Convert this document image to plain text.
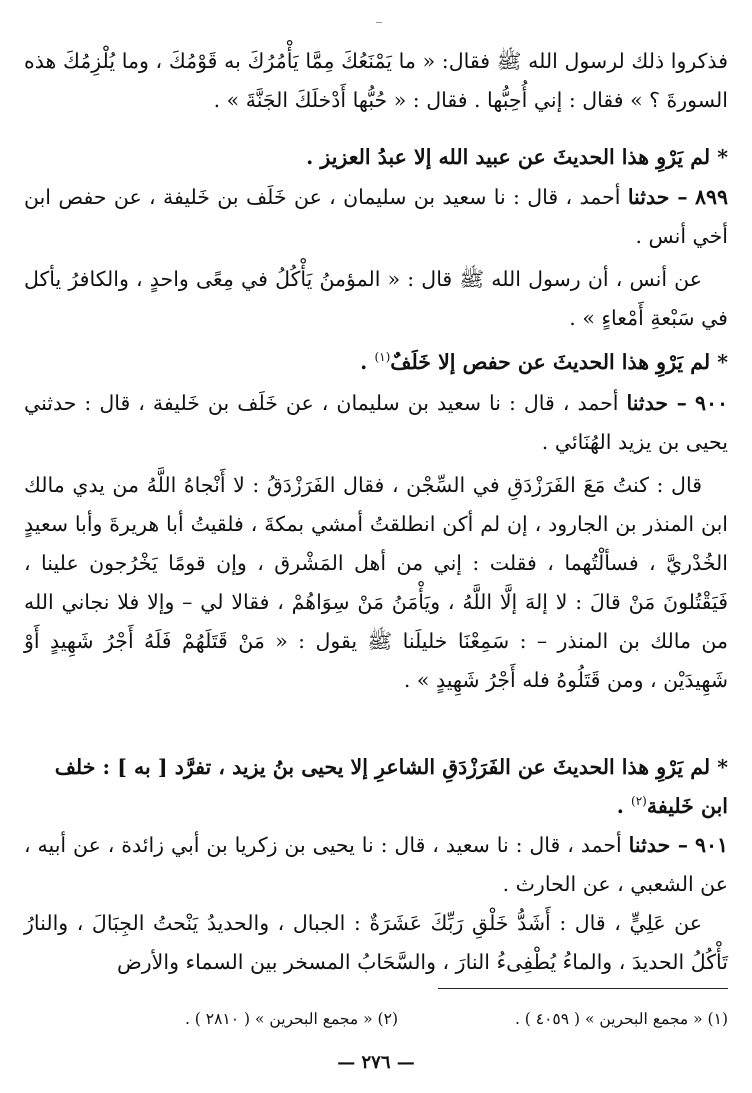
فذكروا ذلك لرسول الله ﷺ فقال: « ما يَمْنَعُكَ مِمَّا يَأْمُرُكَ به قَوْمُكَ ، وما يُلْزِمُكَ هذه السورةَ ؟ » فقال : إني أُحِبُّها . فقال : « حُبُّها أَدْخلَكَ الجَنَّةَ » .
* لم يَرْوِ هذا الحديثَ عن عبيد الله إلا عبدُ العزيز .
٨٩٩ – حدثنا أحمد ، قال : نا سعيد بن سليمان ، عن خَلَف بن خَليفة ، عن حفص ابن أخي أنس .
عن أنس ، أن رسول الله ﷺ قال : « المؤمنُ يَأْكُلُ في مِعًى واحدٍ ، والكافرُ يأكل في سَبْعةِ أَمْعاءٍ » .
* لم يَرْوِ هذا الحديثَ عن حفص إلا خَلَفٌ$^{(١)}$ .
٩٠٠ – حدثنا أحمد ، قال : نا سعيد بن سليمان ، عن خَلَف بن خَليفة ، قال : حدثني يحيى بن يزيد الهُنَائي .
قال : كنتُ مَعَ الفَرَزْدَقِ في السِّجْن ، فقال الفَرَزْدَقُ : لا أَنْجاهُ اللَّهُ من يدي مالك ابن المنذر بن الجارود ، إن لم أكن انطلقتُ أمشي بمكةَ ، فلقيتُ أبا هريرةَ وأبا سعيدٍ الخُدْريَّ ، فسألْتُهما ، فقلت : إني من أهل المَشْرق ، وإن قومًا يَخْرُجون علينا ، فَيَقْتُلونَ مَنْ قالَ : لا إلهَ إلَّا اللَّهُ ، ويَأْمَنُ مَنْ سِوَاهُمْ ، فقالا لي – وإلا فلا نجاني الله من مالك بن المنذر – : سَمِعْنَا خليلَنا ﷺ يقول : « مَنْ قَتَلَهُمْ فَلَهُ أَجْرُ شَهِيدٍ أَوْ شَهِيدَيْن ، ومن قَتَلُوهُ فله أَجْرُ شَهِيدٍ » .
* لم يَرْوِ هذا الحديثَ عن الفَرَزْدَقِ الشاعرِ إلا يحيى بنُ يزيد ، تفرَّد [ به ] : خلف ابن خَليفة$^{(٢)}$ .
٩٠١ – حدثنا أحمد ، قال : نا سعيد ، قال : نا يحيى بن زكريا بن أبي زائدة ، عن أبيه ، عن الشعبي ، عن الحارث .
عن عَلِيٍّ ، قال : أَشَدُّ خَلْقِ رَبِّكَ عَشَرَةٌ : الجبال ، والحديدُ يَنْحتُ الجِبَالَ ، والنارُ تَأْكُلُ الحديدَ ، والماءُ يُطْفِىءُ النارَ ، والسَّحَابُ المسخر بين السماء والأرض
(١) « مجمع البحرين » ( ٤٠٥٩ ) .
(٢) « مجمع البحرين » ( ٢٨١٠ ) .
— ٢٧٦ —
